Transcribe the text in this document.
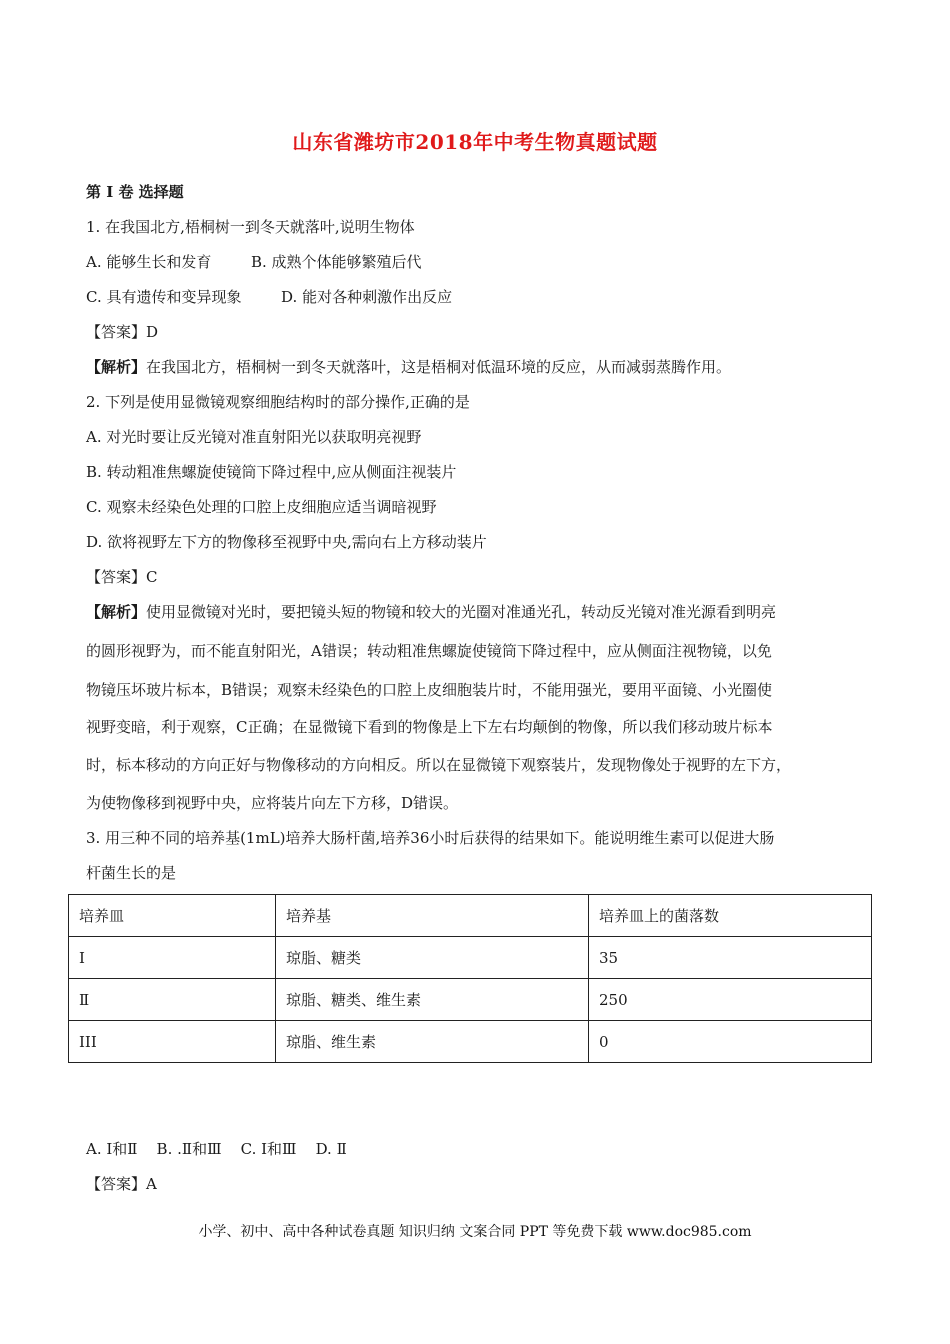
山东省潍坊市2018年中考生物真题试题
第 I 卷 选择题
1. 在我国北方,梧桐树一到冬天就落叶,说明生物体
A. 能够生长和发育	B. 成熟个体能够繁殖后代
C. 具有遗传和变异现象	D. 能对各种刺激作出反应
【答案】D
【解析】在我国北方，梧桐树一到冬天就落叶，这是梧桐对低温环境的反应，从而减弱蒸腾作用。
2. 下列是使用显微镜观察细胞结构时的部分操作,正确的是
A. 对光时要让反光镜对准直射阳光以获取明亮视野
B. 转动粗准焦螺旋使镜筒下降过程中,应从侧面注视装片
C. 观察未经染色处理的口腔上皮细胞应适当调暗视野
D. 欲将视野左下方的物像移至视野中央,需向右上方移动装片
【答案】C
【解析】使用显微镜对光时，要把镜头短的物镜和较大的光圈对准通光孔，转动反光镜对准光源看到明亮
的圆形视野为，而不能直射阳光，A错误；转动粗准焦螺旋使镜筒下降过程中，应从侧面注视物镜，以免
物镜压坏玻片标本，B错误；观察未经染色的口腔上皮细胞装片时，不能用强光，要用平面镜、小光圈使
视野变暗，利于观察，C正确；在显微镜下看到的物像是上下左右均颠倒的物像，所以我们移动玻片标本
时，标本移动的方向正好与物像移动的方向相反。所以在显微镜下观察装片，发现物像处于视野的左下方，
为使物像移到视野中央，应将装片向左下方移，D错误。
3. 用三种不同的培养基(1mL)培养大肠杆菌,培养36小时后获得的结果如下。能说明维生素可以促进大肠
杆菌生长的是
培养皿	培养基	培养皿上的菌落数
I	琼脂、糖类	35
Ⅱ	琼脂、糖类、维生素	250
III	琼脂、维生素	0
A. Ⅰ和Ⅱ    B. .Ⅱ和Ⅲ    C. Ⅰ和Ⅲ    D. Ⅱ
【答案】A
小学、初中、高中各种试卷真题 知识归纳 文案合同 PPT 等免费下载 www.doc985.com
